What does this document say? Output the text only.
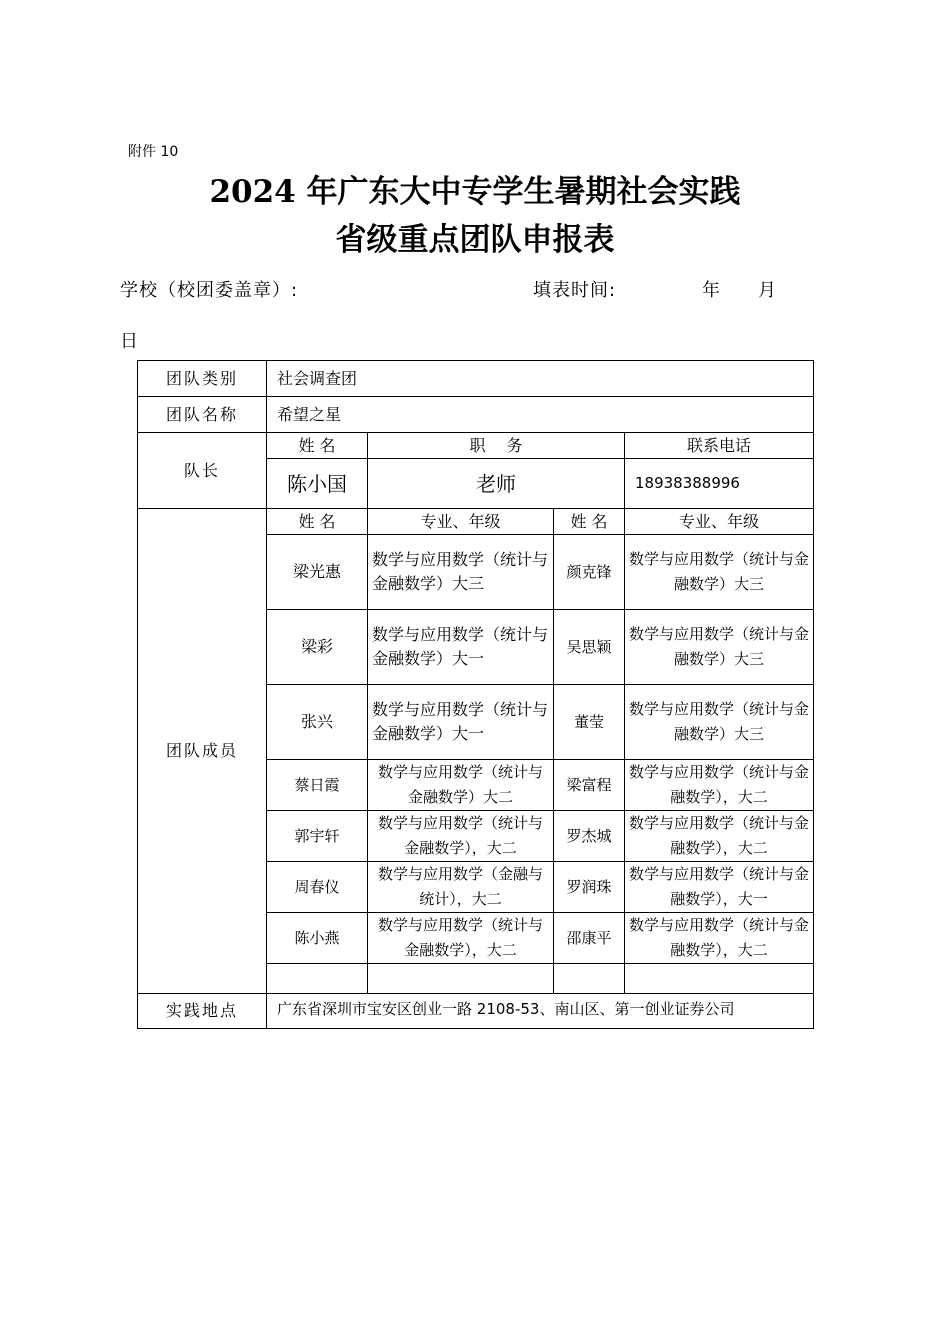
附件 10
2024 年广东大中专学生暑期社会实践
省级重点团队申报表
学校（校团委盖章）:	填表时间:	年 月
日
团队类别	社会调查团			
团队名称	希望之星			
队长	姓 名	职　 务		联系电话
	陈小国	老师		18938388996
团队成员	姓 名	专业、年级	姓 名	专业、年级
	梁光惠	数学与应用数学（统计与金融数学）大三	颜克锋	数学与应用数学（统计与金融数学）大三
	梁彩	数学与应用数学（统计与金融数学）大一	吴思颖	数学与应用数学（统计与金融数学）大三
	张兴	数学与应用数学（统计与金融数学）大一	董莹	数学与应用数学（统计与金融数学）大三
	蔡日霞	数学与应用数学（统计与金融数学）大二	梁富程	数学与应用数学（统计与金融数学），大二
	郭宇轩	数学与应用数学（统计与金融数学），大二	罗杰城	数学与应用数学（统计与金融数学），大二
	周春仪	数学与应用数学（金融与统计），大二	罗润珠	数学与应用数学（统计与金融数学），大一
	陈小燕	数学与应用数学（统计与金融数学），大二	邵康平	数学与应用数学（统计与金融数学），大二

实践地点	广东省深圳市宝安区创业一路 2108-53、南山区、第一创业证券公司			
